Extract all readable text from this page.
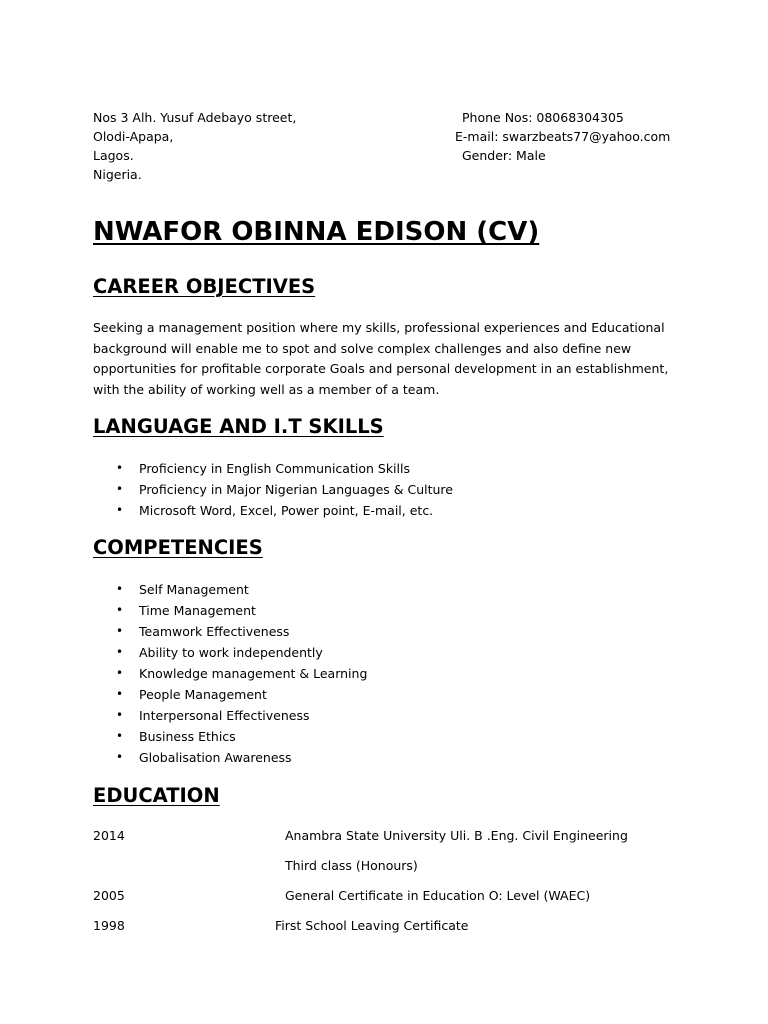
Nos 3 Alh. Yusuf Adebayo street,
Olodi-Apapa,
Lagos.
Nigeria.
Phone Nos: 08068304305
E-mail: swarzbeats77@yahoo.com
Gender: Male
NWAFOR OBINNA EDISON (CV)
CAREER OBJECTIVES
Seeking a management position where my skills, professional experiences and Educational background will enable me to spot and solve complex challenges and also define new opportunities for profitable corporate Goals and personal development in an establishment, with the ability of working well as a member of a team.
LANGUAGE AND I.T SKILLS
• Proficiency in English Communication Skills
• Proficiency in Major Nigerian Languages & Culture
• Microsoft Word, Excel, Power point, E-mail, etc.
COMPETENCIES
• Self Management
• Time Management
• Teamwork Effectiveness
• Ability to work independently
• Knowledge management & Learning
• People Management
• Interpersonal Effectiveness
• Business Ethics
• Globalisation Awareness
EDUCATION
2014	Anambra State University Uli. B .Eng. Civil Engineering
Third class (Honours)
2005	General Certificate in Education O: Level (WAEC)
1998	First School Leaving Certificate
